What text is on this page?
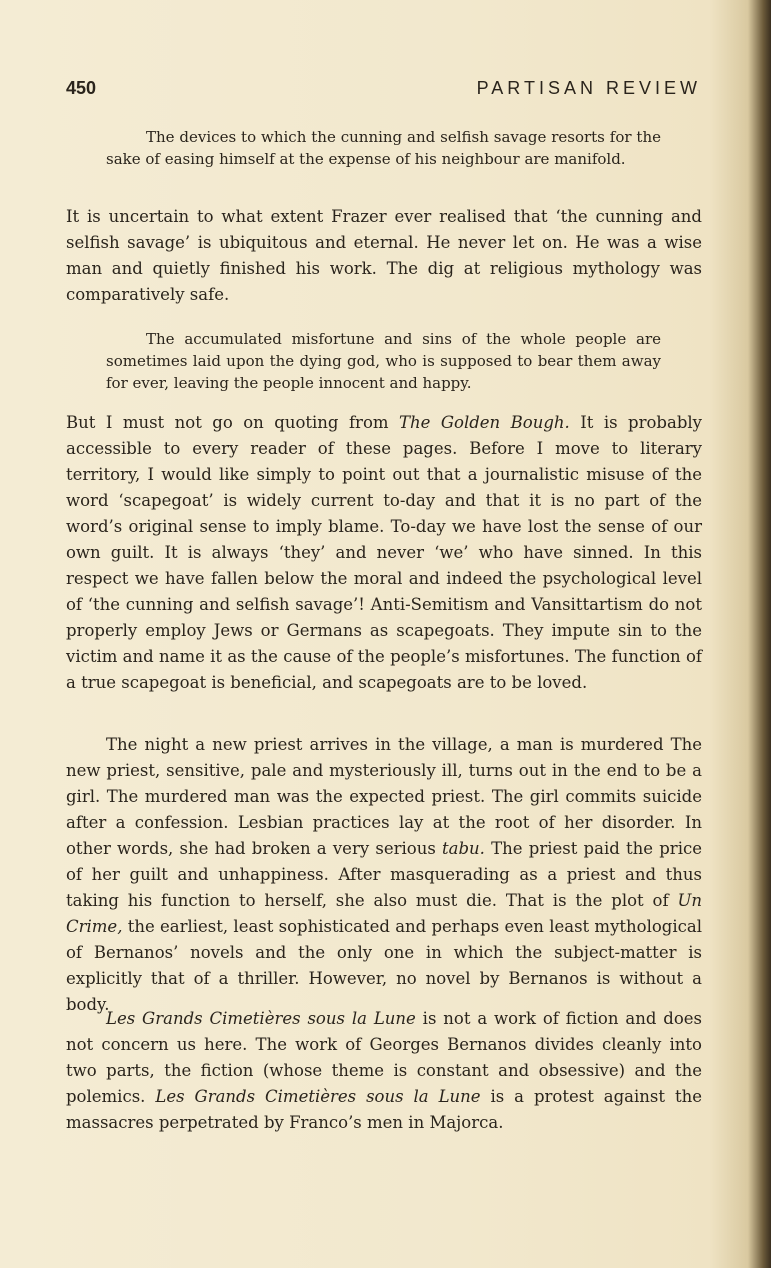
450	PARTISAN REVIEW
The devices to which the cunning and selfish savage resorts for the sake of easing himself at the expense of his neighbour are manifold.
It is uncertain to what extent Frazer ever realised that ‘the cunning and selfish savage’ is ubiquitous and eternal. He never let on. He was a wise man and quietly finished his work. The dig at religious mythology was comparatively safe.
The accumulated misfortune and sins of the whole people are sometimes laid upon the dying god, who is supposed to bear them away for ever, leaving the people innocent and happy.
But I must not go on quoting from The Golden Bough. It is probably accessible to every reader of these pages. Before I move to literary territory, I would like simply to point out that a journalistic misuse of the word ‘scapegoat’ is widely current to-day and that it is no part of the word’s original sense to imply blame. To-day we have lost the sense of our own guilt. It is always ‘they’ and never ‘we’ who have sinned. In this respect we have fallen below the moral and indeed the psychological level of ‘the cunning and selfish savage’! Anti-Semitism and Vansittartism do not properly employ Jews or Germans as scapegoats. They impute sin to the victim and name it as the cause of the people’s misfortunes. The function of a true scapegoat is beneficial, and scapegoats are to be loved.
The night a new priest arrives in the village, a man is murdered The new priest, sensitive, pale and mysteriously ill, turns out in the end to be a girl. The murdered man was the expected priest. The girl commits suicide after a confession. Lesbian practices lay at the root of her disorder. In other words, she had broken a very serious tabu. The priest paid the price of her guilt and unhappiness. After masquerading as a priest and thus taking his function to herself, she also must die. That is the plot of Un Crime, the earliest, least sophisticated and perhaps even least mythological of Bernanos’ novels and the only one in which the subject-matter is explicitly that of a thriller. However, no novel by Bernanos is without a body.
Les Grands Cimetières sous la Lune is not a work of fiction and does not concern us here. The work of Georges Bernanos divides cleanly into two parts, the fiction (whose theme is constant and obsessive) and the polemics. Les Grands Cimetières sous la Lune is a protest against the massacres perpetrated by Franco’s men in Majorca.
